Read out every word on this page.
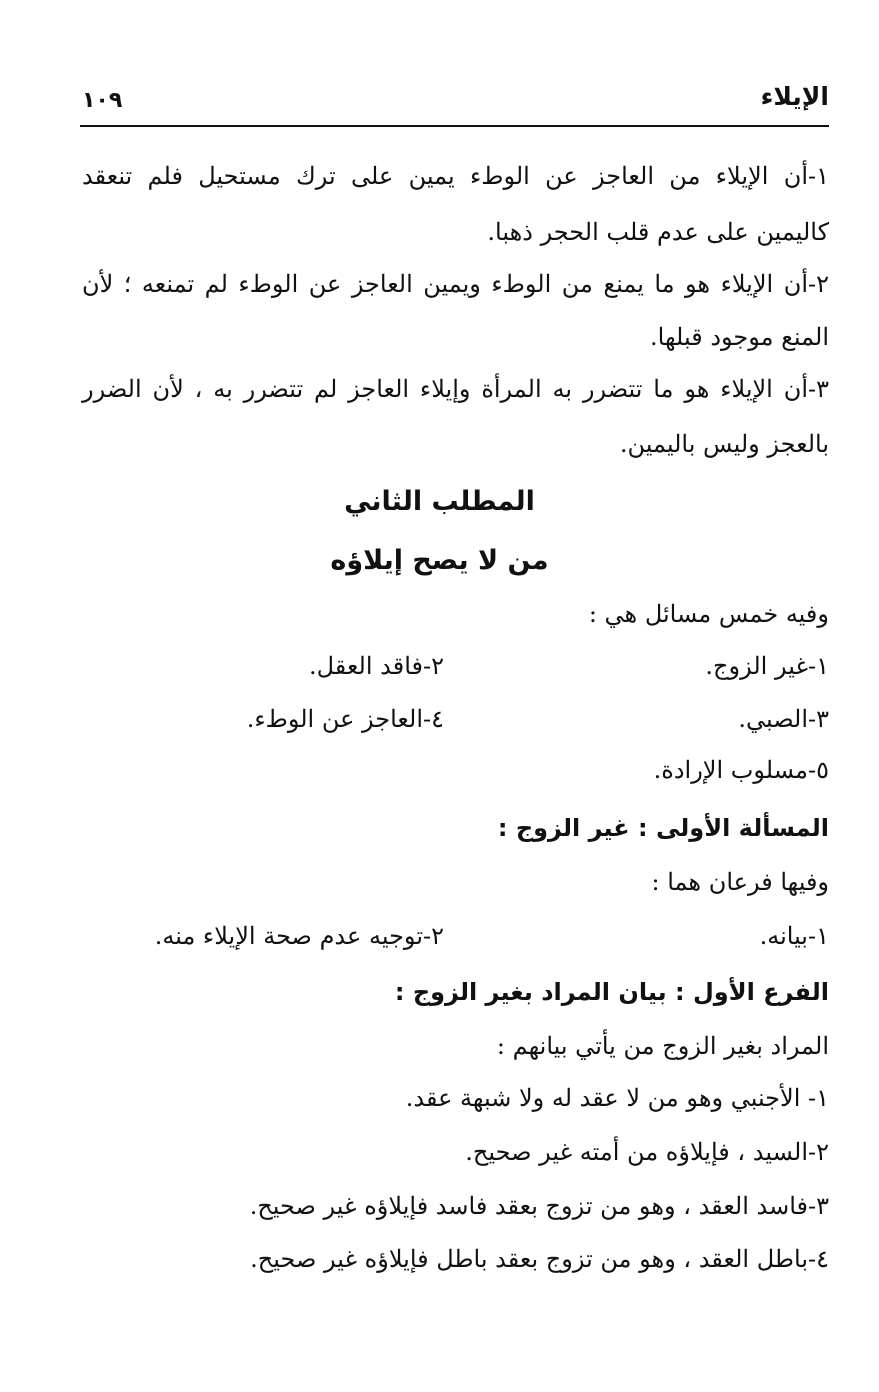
الإيلاء
١٠٩
١-أن الإيلاء من العاجز عن الوطء يمين على ترك مستحيل فلم تنعقد
كاليمين على عدم قلب الحجر ذهبا.
٢-أن الإيلاء هو ما يمنع من الوطء ويمين العاجز عن الوطء لم تمنعه ؛ لأن
المنع موجود قبلها.
٣-أن الإيلاء هو ما تتضرر به المرأة وإيلاء العاجز لم تتضرر به ، لأن الضرر
بالعجز وليس باليمين.
المطلب الثاني
من لا يصح إيلاؤه
وفيه خمس مسائل هي :
١-غير الزوج.
٢-فاقد العقل.
٣-الصبي.
٤-العاجز عن الوطء.
٥-مسلوب الإرادة.
المسألة الأولى : غير الزوج :
وفيها فرعان هما :
١-بيانه.
٢-توجيه عدم صحة الإيلاء منه.
الفرع الأول : بيان المراد بغير الزوج :
المراد بغير الزوج من يأتي بيانهم :
١- الأجنبي وهو من لا عقد له ولا شبهة عقد.
٢-السيد ، فإيلاؤه من أمته غير صحيح.
٣-فاسد العقد ، وهو من تزوج بعقد فاسد فإيلاؤه غير صحيح.
٤-باطل العقد ، وهو من تزوج بعقد باطل فإيلاؤه غير صحيح.
